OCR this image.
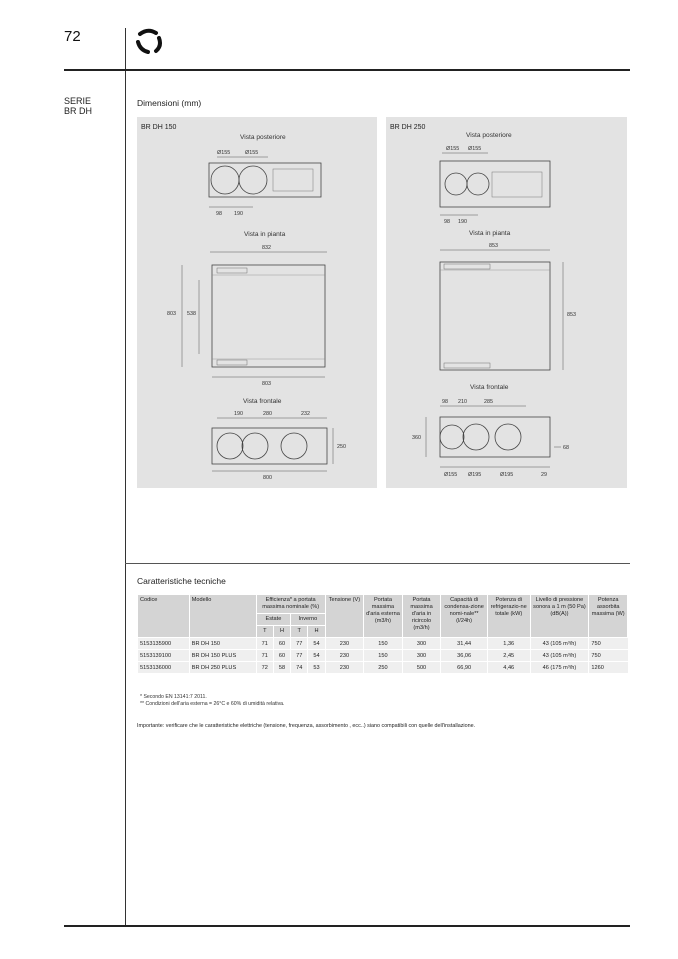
72
SERIE
BR DH
Dimensioni (mm)
BR DH 150
Vista posteriore
Ø155	Ø155
98 190
Vista in pianta
832
803 538
803
Vista frontale
190	280	232
250
800
BR DH 250
Vista posteriore
Ø155 Ø155
98 190
Vista in pianta
853
853
Vista frontale
98 210	285
360
68
Ø155 Ø195	Ø195	29
Caratteristiche tecniche
Codice	Modello	Efficienza* a portata massima nominale (%)				Tensione (V)	Portata massima d'aria esterna (m3/h)	Portata massima d'aria in ricircolo (m3/h)	Capacità di condensa-zione nomi-nale** (l/24h)	Potenza di refrigerazio-ne totale (kW)	Livello di pressione sonora a 1 m (50 Pa) (dB(A))	Potenza assorbita massima (W)
		Estate		Inverno								
		T	H	T	H							
5153135900	BR DH 150	71	60	77	54	230	150	300	31,44	1,36	43 (105 m³/h)	750
5153139100	BR DH 150 PLUS	71	60	77	54	230	150	300	36,06	2,45	43 (105 m³/h)	750
5153136000	BR DH 250 PLUS	72	58	74	53	230	250	500	66,90	4,46	46 (175 m³/h)	1260
* Secondo EN 13141:7 2011.
** Condizioni dell'aria esterna = 26°C e 60% di umidità relativa.
Importante: verificare che le caratteristiche elettriche (tensione, frequenza, assorbimento , ecc..) siano compatibili con quelle dell'installazione.
